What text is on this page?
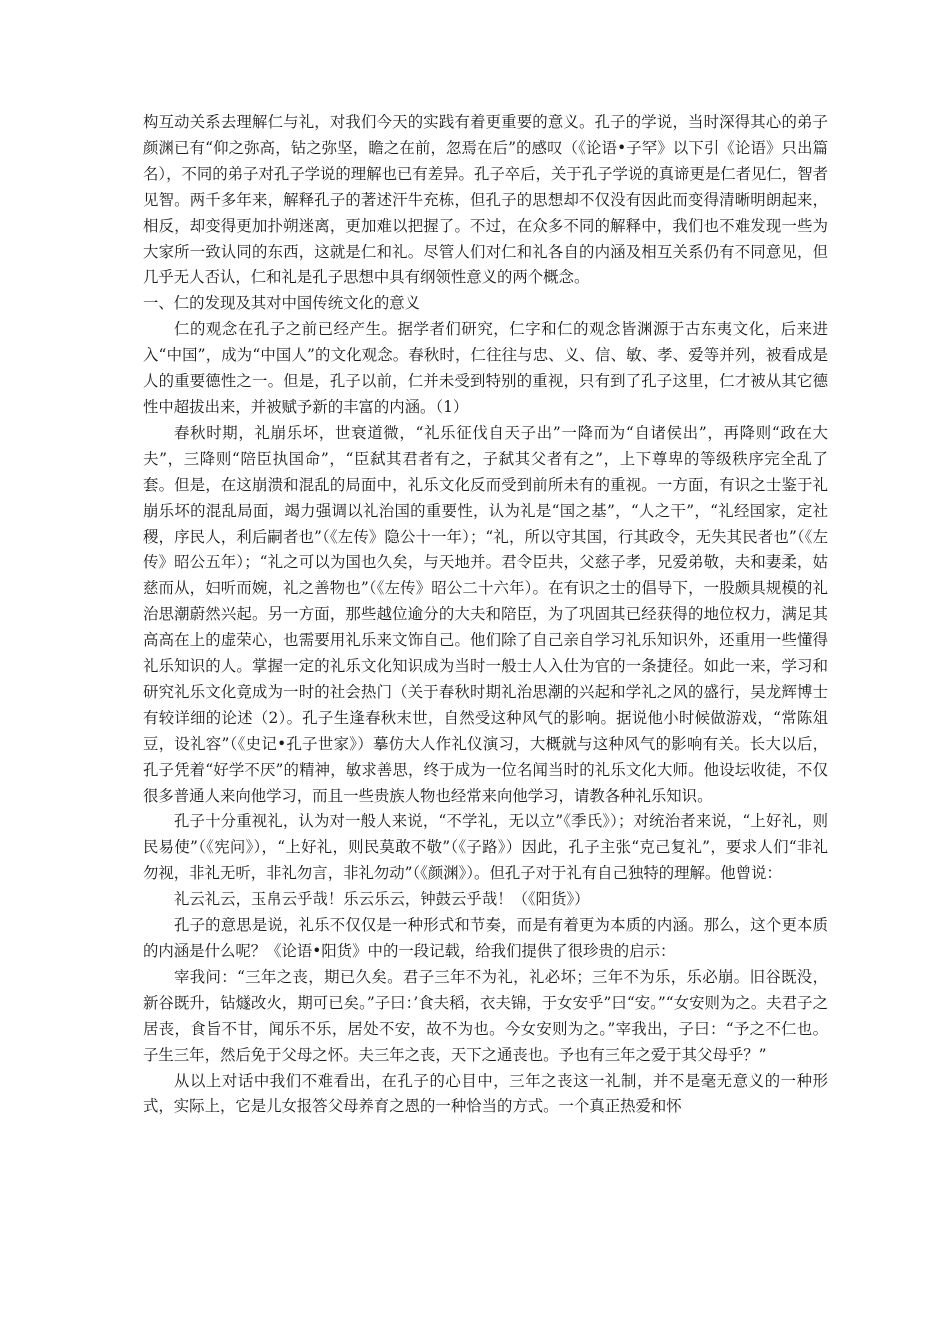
构互动关系去理解仁与礼，对我们今天的实践有着更重要的意义。孔子的学说，当时深得其心的弟子颜渊已有“仰之弥高，钻之弥坚，瞻之在前，忽焉在后”的感叹（《论语•子罕》以下引《论语》只出篇名），不同的弟子对孔子学说的理解也已有差异。孔子卒后，关于孔子学说的真谛更是仁者见仁，智者见智。两千多年来，解释孔子的著述汗牛充栋，但孔子的思想却不仅没有因此而变得清晰明朗起来，相反，却变得更加扑朔迷离，更加难以把握了。不过，在众多不同的解释中，我们也不难发现一些为大家所一致认同的东西，这就是仁和礼。尽管人们对仁和礼各自的内涵及相互关系仍有不同意见，但几乎无人否认，仁和礼是孔子思想中具有纲领性意义的两个概念。

一、仁的发现及其对中国传统文化的意义

仁的观念在孔子之前已经产生。据学者们研究，仁字和仁的观念皆渊源于古东夷文化，后来进入“中国”，成为“中国人”的文化观念。春秋时，仁往往与忠、义、信、敏、孝、爱等并列，被看成是人的重要德性之一。但是，孔子以前，仁并未受到特别的重视，只有到了孔子这里，仁才被从其它德性中超拔出来，并被赋予新的丰富的内涵。（1）

春秋时期，礼崩乐坏，世衰道微，“礼乐征伐自天子出”一降而为“自诸侯出”，再降则“政在大夫”，三降则“陪臣执国命”，“臣弑其君者有之，子弑其父者有之”，上下尊卑的等级秩序完全乱了套。但是，在这崩溃和混乱的局面中，礼乐文化反而受到前所未有的重视。一方面，有识之士鉴于礼崩乐坏的混乱局面，竭力强调以礼治国的重要性，认为礼是“国之基”，“人之干”，“礼经国家，定社稷，序民人，利后嗣者也”（《左传》隐公十一年）；“礼，所以守其国，行其政令，无失其民者也”（《左传》昭公五年）；“礼之可以为国也久矣，与天地并。君令臣共，父慈子孝，兄爱弟敬，夫和妻柔，姑慈而从，妇听而婉，礼之善物也”（《左传》昭公二十六年）。在有识之士的倡导下，一股颇具规模的礼治思潮蔚然兴起。另一方面，那些越位逾分的大夫和陪臣，为了巩固其已经获得的地位权力，满足其高高在上的虚荣心，也需要用礼乐来文饰自己。他们除了自己亲自学习礼乐知识外，还重用一些懂得礼乐知识的人。掌握一定的礼乐文化知识成为当时一般士人入仕为官的一条捷径。如此一来，学习和研究礼乐文化竟成为一时的社会热门（关于春秋时期礼治思潮的兴起和学礼之风的盛行，吴龙辉博士有较详细的论述（2）。孔子生逢春秋末世，自然受这种风气的影响。据说他小时候做游戏，“常陈俎豆，设礼容”（《史记•孔子世家》）摹仿大人作礼仪演习，大概就与这种风气的影响有关。长大以后，孔子凭着“好学不厌”的精神，敏求善思，终于成为一位名闻当时的礼乐文化大师。他设坛收徒，不仅很多普通人来向他学习，而且一些贵族人物也经常来向他学习，请教各种礼乐知识。

孔子十分重视礼，认为对一般人来说，“不学礼，无以立”《季氏》）；对统治者来说，“上好礼，则民易使”（《宪问》），“上好礼，则民莫敢不敬”（《子路》）因此，孔子主张“克己复礼”，要求人们“非礼勿视，非礼无听，非礼勿言，非礼勿动”（《颜渊》）。但孔子对于礼有自己独特的理解。他曾说：

礼云礼云，玉帛云乎哉！乐云乐云，钟鼓云乎哉！（《阳货》）

孔子的意思是说，礼乐不仅仅是一种形式和节奏，而是有着更为本质的内涵。那么，这个更本质的内涵是什么呢？《论语•阳货》中的一段记载，给我们提供了很珍贵的启示：

宰我问：“三年之丧，期已久矣。君子三年不为礼，礼必坏；三年不为乐，乐必崩。旧谷既没，新谷既升，钻燧改火，期可已矣。”子曰：’食夫稻，衣夫锦，于女安乎”曰“安。”“女安则为之。夫君子之居丧，食旨不甘，闻乐不乐，居处不安，故不为也。今女安则为之。”宰我出，子曰：“予之不仁也。子生三年，然后免于父母之怀。夫三年之丧，天下之通丧也。予也有三年之爱于其父母乎？”

从以上对话中我们不难看出，在孔子的心目中，三年之丧这一礼制，并不是毫无意义的一种形式，实际上，它是儿女报答父母养育之恩的一种恰当的方式。一个真正热爱和怀
